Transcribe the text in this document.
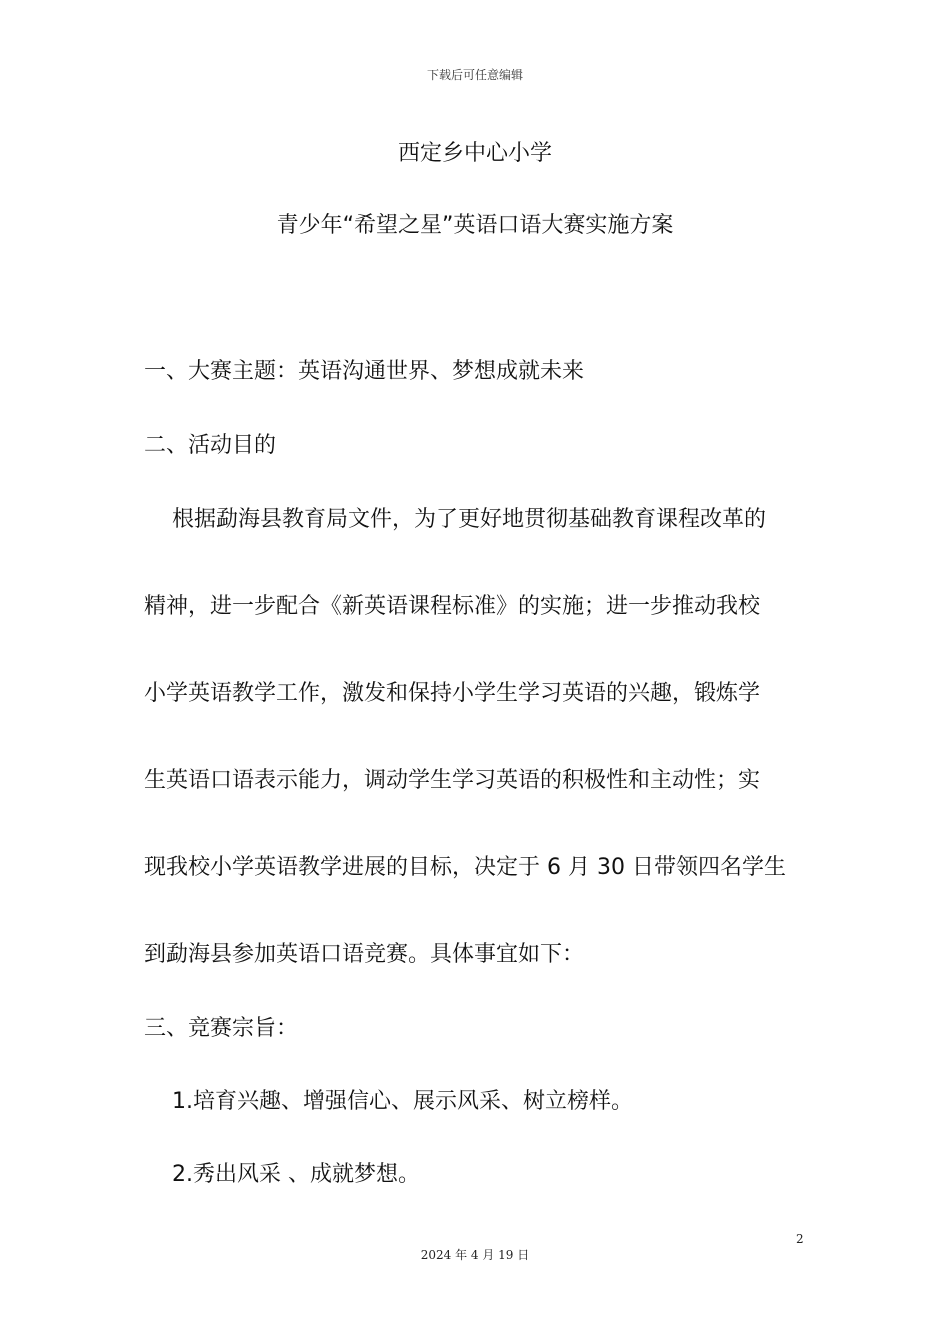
下载后可任意编辑
西定乡中心小学
青少年“希望之星”英语口语大赛实施方案
一、大赛主题：英语沟通世界、梦想成就未来
二、活动目的
根据勐海县教育局文件，为了更好地贯彻基础教育课程改革的
精神，进一步配合《新英语课程标准》的实施；进一步推动我校
小学英语教学工作，激发和保持小学生学习英语的兴趣，锻炼学
生英语口语表示能力，调动学生学习英语的积极性和主动性；实
现我校小学英语教学进展的目标，决定于 6 月 30 日带领四名学生
到勐海县参加英语口语竞赛。具体事宜如下：
三、竞赛宗旨：
1.培育兴趣、增强信心、展示风采、树立榜样。
2.秀出风采 、成就梦想。
2
2024 年 4 月 19 日
